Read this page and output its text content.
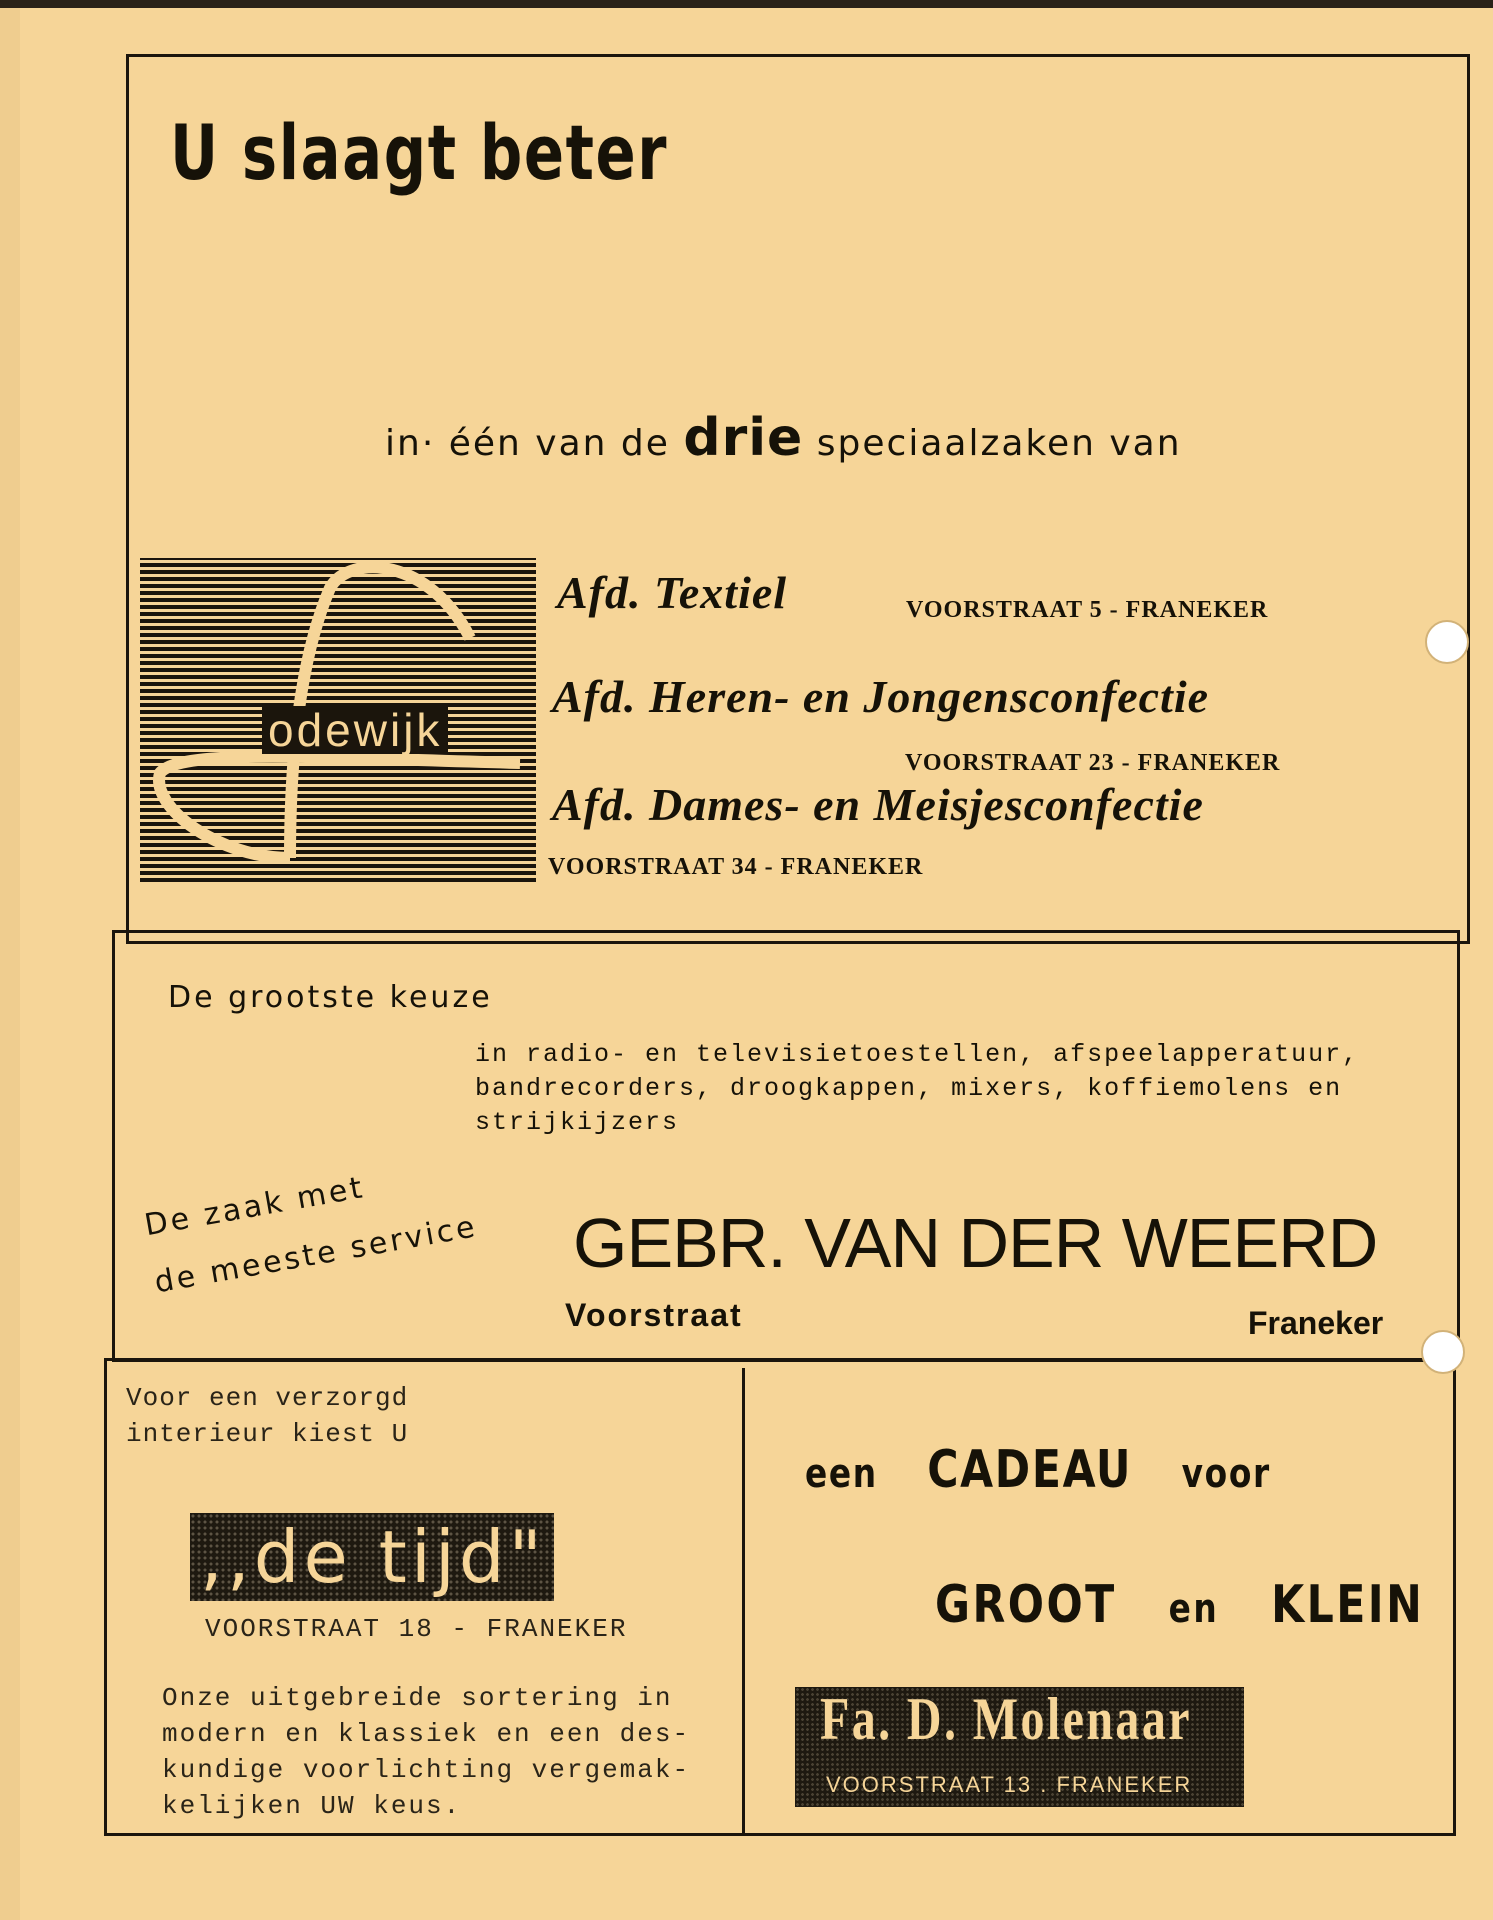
U slaagt beter
in· één van de drie speciaalzaken van
odewijk
Afd. Textiel	VOORSTRAAT 5 - FRANEKER
Afd. Heren- en Jongensconfectie
VOORSTRAAT 23 - FRANEKER
Afd. Dames- en Meisjesconfectie
VOORSTRAAT 34 - FRANEKER
De grootste keuze
in radio- en televisietoestellen, afspeelapperatuur, bandrecorders, droogkappen, mixers, koffiemolens en strijkijzers
De zaak met
de meeste service GEBR. VAN DER WEERD
Voorstraat	Franeker
Voor een verzorgd
interieur kiest U
,,de tijd"
VOORSTRAAT 18 - FRANEKER
Onze uitgebreide sortering in
modern en klassiek en een des-
kundige voorlichting vergemak-
kelijken UW keus.
een CADEAU voor
GROOT en KLEIN
Fa. D. Molenaar
VOORSTRAAT 13 . FRANEKER
